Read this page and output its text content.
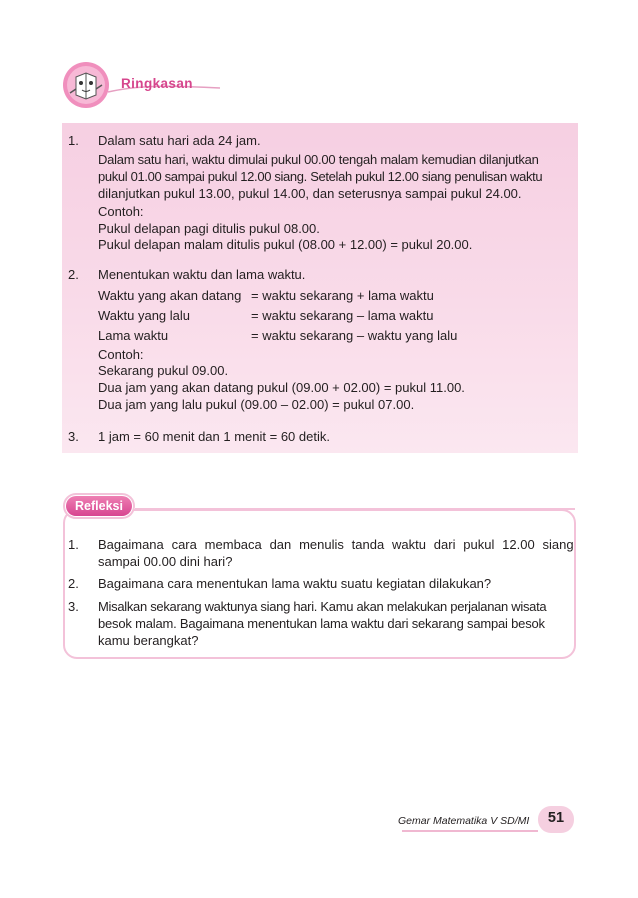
Ringkasan
1. Dalam satu hari ada 24 jam.
Dalam satu hari, waktu dimulai pukul 00.00 tengah malam kemudian dilanjutkan
pukul 01.00 sampai pukul 12.00 siang. Setelah pukul 12.00 siang penulisan waktu
dilanjutkan pukul 13.00, pukul 14.00, dan seterusnya sampai pukul 24.00.
Contoh:
Pukul delapan pagi ditulis pukul 08.00.
Pukul delapan malam ditulis pukul (08.00 + 12.00) = pukul 20.00.
2. Menentukan waktu dan lama waktu.
Waktu yang akan datang = waktu sekarang + lama waktu
Waktu yang lalu	= waktu sekarang – lama waktu
Lama waktu	= waktu sekarang – waktu yang lalu
Contoh:
Sekarang pukul 09.00.
Dua jam yang akan datang pukul (09.00 + 02.00) = pukul 11.00.
Dua jam yang lalu pukul (09.00 – 02.00) = pukul 07.00.
3. 1 jam = 60 menit dan 1 menit = 60 detik.
Refleksi
1. Bagaimana cara membaca dan menulis tanda waktu dari pukul 12.00 siang
sampai 00.00 dini hari?
2. Bagaimana cara menentukan lama waktu suatu kegiatan dilakukan?
3. Misalkan sekarang waktunya siang hari. Kamu akan melakukan perjalanan wisata
besok malam. Bagaimana menentukan lama waktu dari sekarang sampai besok
kamu berangkat?
Gemar Matematika V SD/MI	51
